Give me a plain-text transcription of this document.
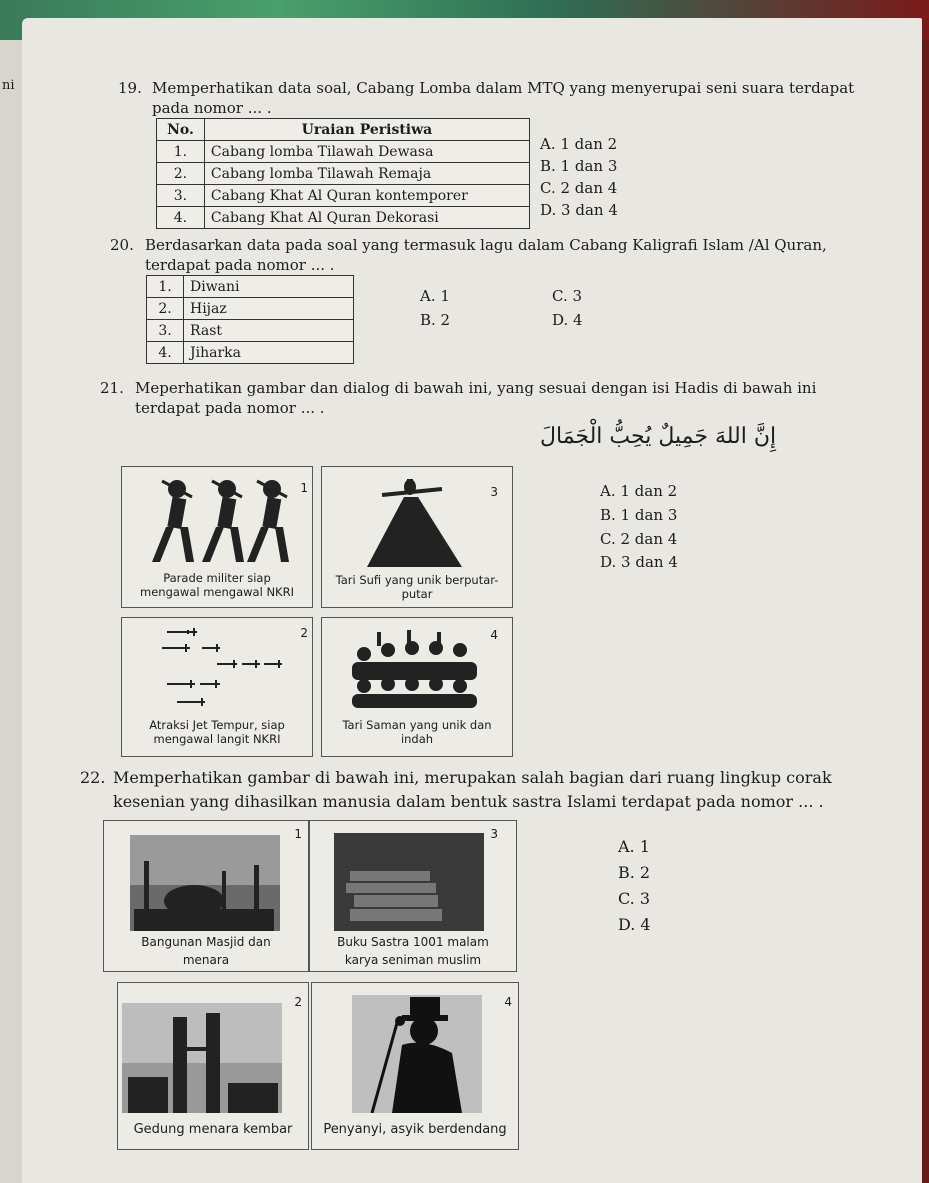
ni	19. Memperhatikan data soal, Cabang Lomba dalam MTQ yang menyerupai seni suara terdapat
pada nomor ... .
No.	Uraian Peristiwa
1.	Cabang lomba Tilawah Dewasa
2.	Cabang lomba Tilawah Remaja
3.	Cabang Khat Al Quran kontemporer
4.	Cabang Khat Al Quran Dekorasi
A. 1 dan 2
B. 1 dan 3
C. 2 dan 4
D. 3 dan 4
20. Berdasarkan data pada soal yang termasuk lagu dalam Cabang Kaligrafi Islam /Al Quran,
terdapat pada nomor ... .
1.	Diwani
2.	Hijaz
3.	Rast
4.	Jiharka
A. 1
B. 2
C. 3
D. 4
21. Meperhatikan gambar dan dialog di bawah ini, yang sesuai dengan isi Hadis di bawah ini
terdapat pada nomor ... .
إِنَّ اللهَ جَمِيلٌ يُحِبُّ الْجَمَالَ
1
Parade militer siap
mengawal mengawal NKRI
3
Tari Sufi yang unik berputar-
putar
2
Atraksi Jet Tempur, siap
mengawal langit NKRI
4
Tari Saman yang unik dan
indah
A. 1 dan 2
B. 1 dan 3
C. 2 dan 4
D. 3 dan 4
22. Memperhatikan gambar di bawah ini, merupakan salah bagian dari ruang lingkup corak
kesenian yang dihasilkan manusia dalam bentuk sastra Islami terdapat pada nomor ... .
1
Bangunan Masjid dan
menara
3
Buku Sastra 1001 malam
karya seniman muslim
2
Gedung menara kembar
4
Penyanyi, asyik berdendang
A. 1
B. 2
C. 3
D. 4
